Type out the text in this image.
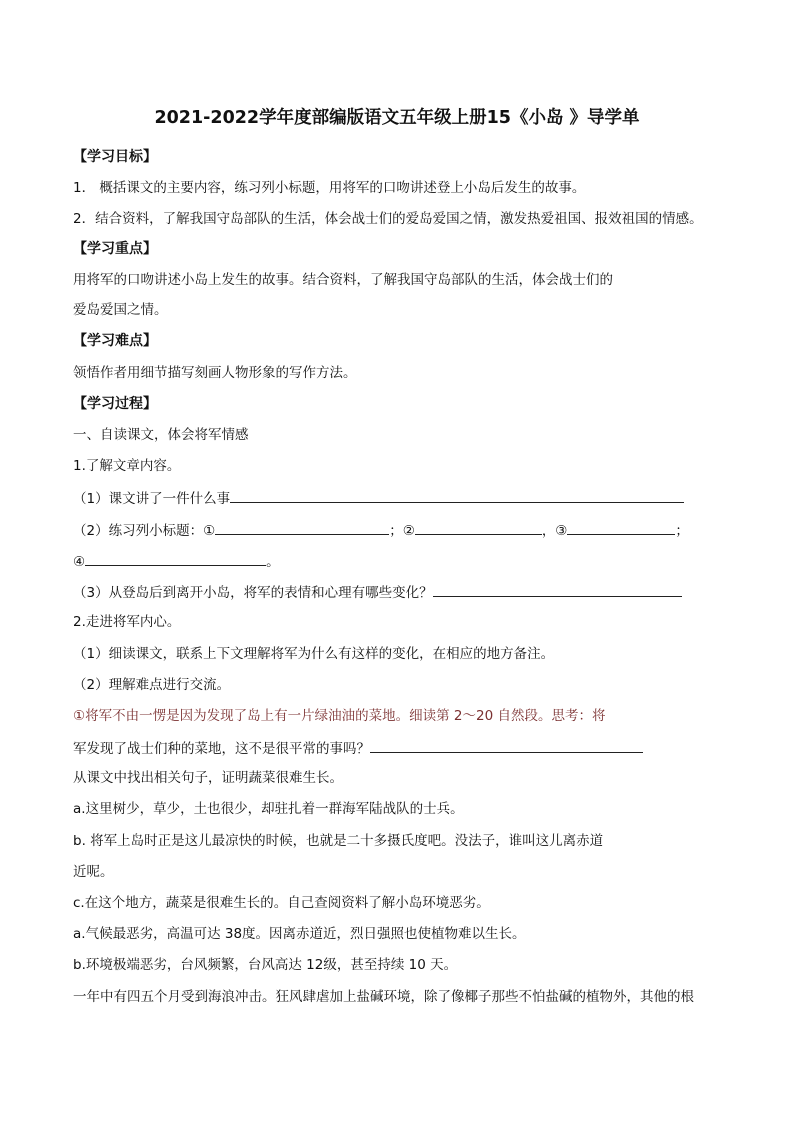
2021-2022学年度部编版语文五年级上册15《小岛 》导学单
【学习目标】
1． 概括课文的主要内容，练习列小标题，用将军的口吻讲述登上小岛后发生的故事。
2．结合资料，了解我国守岛部队的生活，体会战士们的爱岛爱国之情，激发热爱祖国、报效祖国的情感。
【学习重点】
用将军的口吻讲述小岛上发生的故事。结合资料，了解我国守岛部队的生活，体会战士们的
爱岛爱国之情。
【学习难点】
领悟作者用细节描写刻画人物形象的写作方法。
【学习过程】
一、自读课文，体会将军情感
1.了解文章内容。
（1）课文讲了一件什么事
（2）练习列小标题：①	；②	，③	；
④	。
（3）从登岛后到离开小岛，将军的表情和心理有哪些变化？
2.走进将军内心。
（1）细读课文，联系上下文理解将军为什么有这样的变化，在相应的地方备注。
（2）理解难点进行交流。
①将军不由一愣是因为发现了岛上有一片绿油油的菜地。细读第 2～20 自然段。思考：将
军发现了战士们种的菜地，这不是很平常的事吗？
从课文中找出相关句子，证明蔬菜很难生长。
a.这里树少，草少，土也很少，却驻扎着一群海军陆战队的士兵。
b. 将军上岛时正是这儿最凉快的时候，也就是二十多摄氏度吧。没法子，谁叫这儿离赤道
近呢。
c.在这个地方，蔬菜是很难生长的。自己查阅资料了解小岛环境恶劣。
a.气候最恶劣，高温可达 38度。因离赤道近，烈日强照也使植物难以生长。
b.环境极端恶劣，台风频繁，台风高达 12级，甚至持续 10 天。
一年中有四五个月受到海浪冲击。狂风肆虐加上盐碱环境，除了像椰子那些不怕盐碱的植物外，其他的根
